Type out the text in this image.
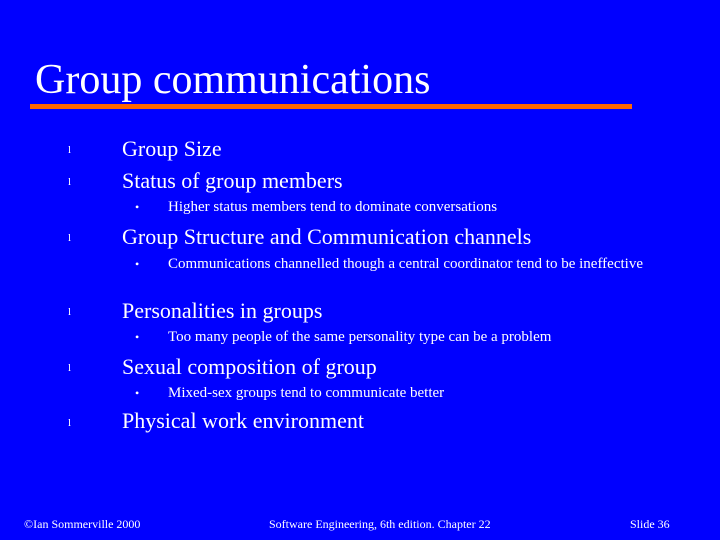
Group communications
l Group Size
l Status of group members
• Higher status members tend to dominate conversations
l Group Structure and Communication channels
• Communications channelled though a central coordinator tend to be ineffective
l Personalities in groups
• Too many people of the same personality type can be a problem
l Sexual composition of group
• Mixed-sex groups tend to communicate better
l Physical work environment
©Ian Sommerville 2000	Software Engineering, 6th edition. Chapter 22	Slide 36
